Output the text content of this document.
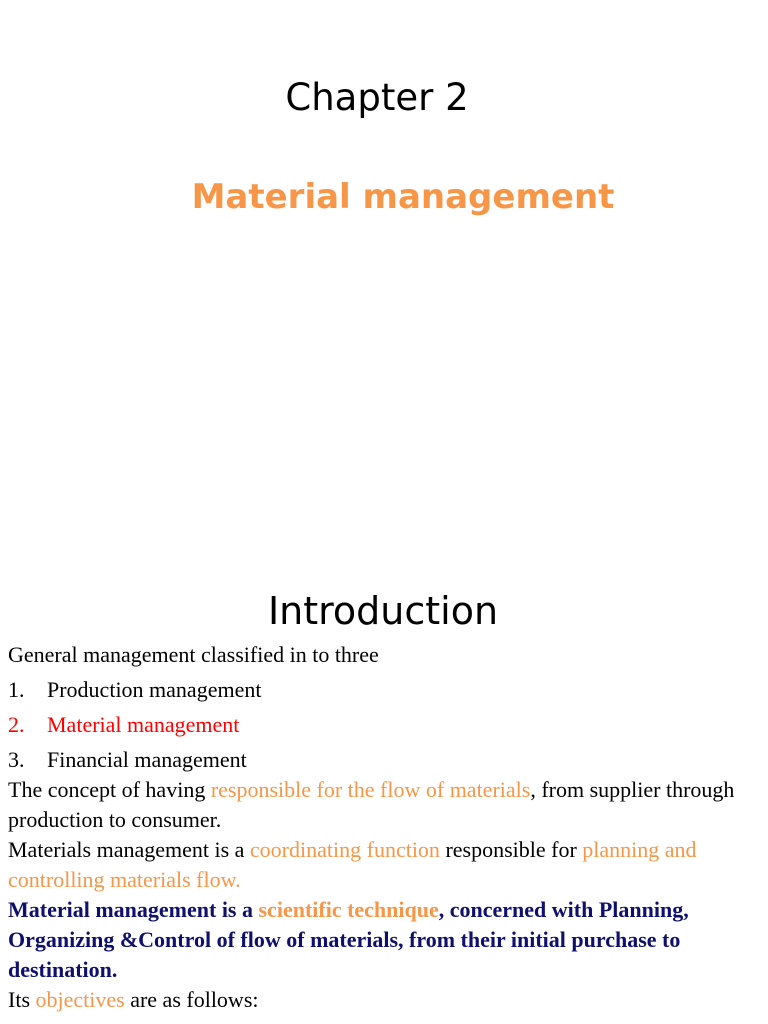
Chapter 2
Material management
Introduction

General management classified in to three

1.	Production management
2.	Material management
3.	Financial management

The concept of having responsible for the flow of materials, from supplier through production to consumer.

Materials management is a coordinating function responsible for planning and controlling materials flow.

Material management is a scientific technique, concerned with Planning, Organizing &Control of flow of materials, from their initial purchase to destination.

Its objectives are as follows:
